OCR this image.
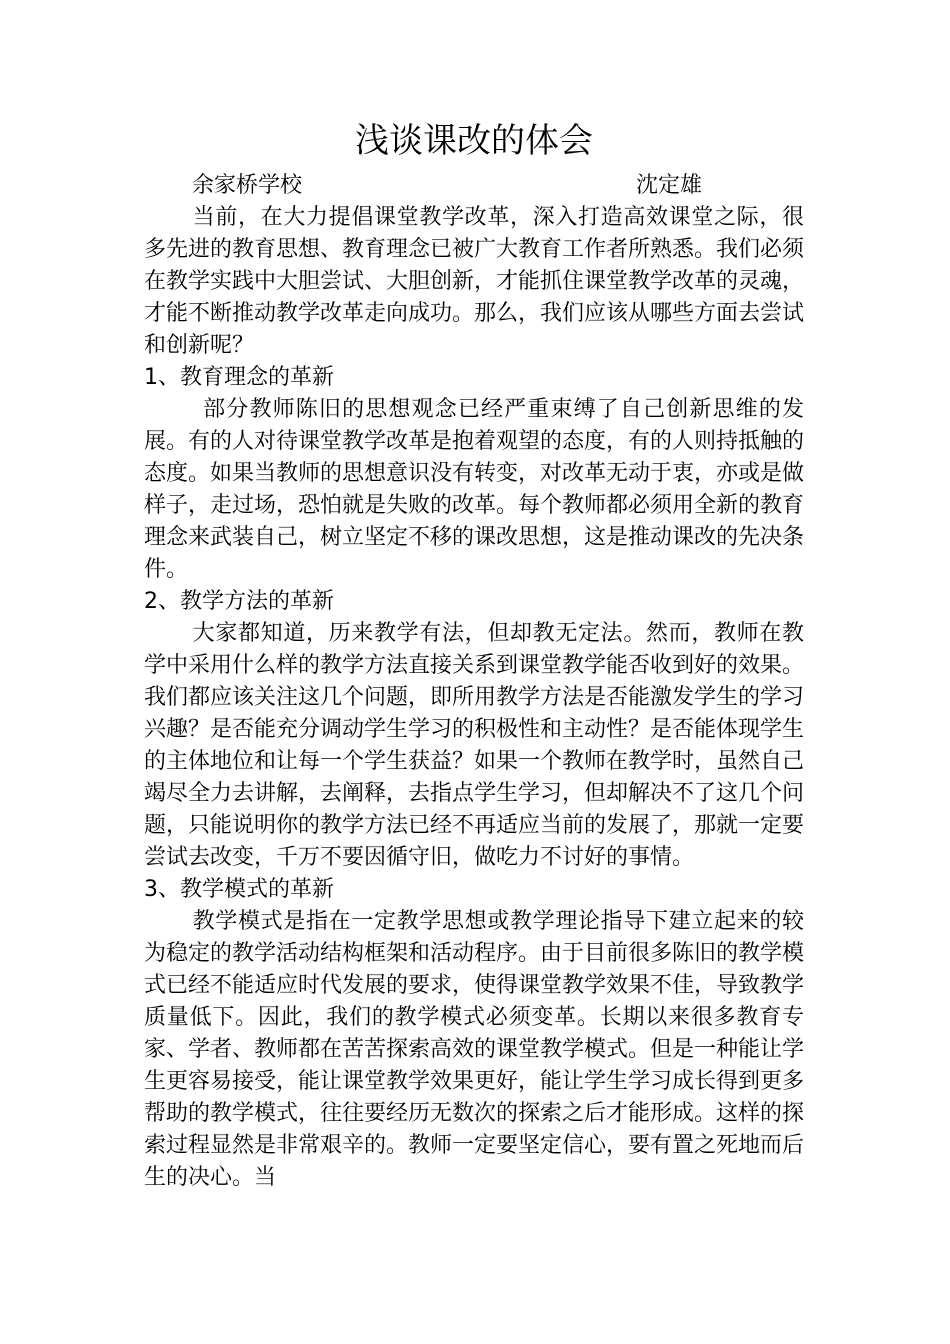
浅谈课改的体会
余家桥学校	沈定雄

当前，在大力提倡课堂教学改革，深入打造高效课堂之际，很多先进的教育思想、教育理念已被广大教育工作者所熟悉。我们必须在教学实践中大胆尝试、大胆创新，才能抓住课堂教学改革的灵魂，才能不断推动教学改革走向成功。那么，我们应该从哪些方面去尝试和创新呢？

1、教育理念的革新

部分教师陈旧的思想观念已经严重束缚了自己创新思维的发展。有的人对待课堂教学改革是抱着观望的态度，有的人则持抵触的态度。如果当教师的思想意识没有转变，对改革无动于衷，亦或是做样子，走过场，恐怕就是失败的改革。每个教师都必须用全新的教育理念来武装自己，树立坚定不移的课改思想，这是推动课改的先决条件。

2、教学方法的革新

大家都知道，历来教学有法，但却教无定法。然而，教师在教学中采用什么样的教学方法直接关系到课堂教学能否收到好的效果。我们都应该关注这几个问题，即所用教学方法是否能激发学生的学习兴趣？是否能充分调动学生学习的积极性和主动性？是否能体现学生的主体地位和让每一个学生获益？如果一个教师在教学时，虽然自己竭尽全力去讲解，去阐释，去指点学生学习，但却解决不了这几个问题，只能说明你的教学方法已经不再适应当前的发展了，那就一定要尝试去改变，千万不要因循守旧，做吃力不讨好的事情。

3、教学模式的革新

教学模式是指在一定教学思想或教学理论指导下建立起来的较为稳定的教学活动结构框架和活动程序。由于目前很多陈旧的教学模式已经不能适应时代发展的要求，使得课堂教学效果不佳，导致教学质量低下。因此，我们的教学模式必须变革。长期以来很多教育专家、学者、教师都在苦苦探索高效的课堂教学模式。但是一种能让学生更容易接受，能让课堂教学效果更好，能让学生学习成长得到更多帮助的教学模式，往往要经历无数次的探索之后才能形成。这样的探索过程显然是非常艰辛的。教师一定要坚定信心，要有置之死地而后生的决心。当
